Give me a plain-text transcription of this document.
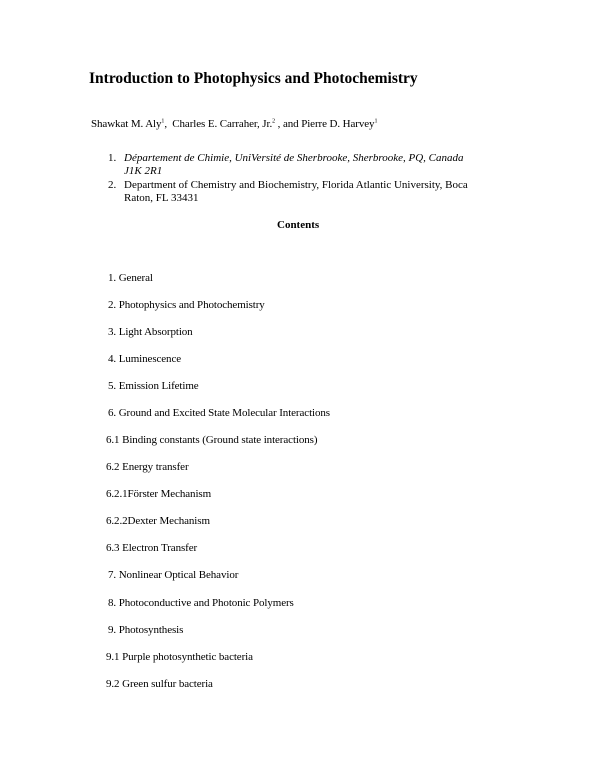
Introduction to Photophysics and Photochemistry
Shawkat M. Aly$^1$, Charles E. Carraher, Jr.$^2$ , and Pierre D. Harvey$^1$
1. Département de Chimie, UniVersité de Sherbrooke, Sherbrooke, PQ, Canada
J1K 2R1
2. Department of Chemistry and Biochemistry, Florida Atlantic University, Boca
Raton, FL 33431
Contents
1. General
2. Photophysics and Photochemistry
3. Light Absorption
4. Luminescence
5. Emission Lifetime
6. Ground and Excited State Molecular Interactions
6.1 Binding constants (Ground state interactions)
6.2 Energy transfer
6.2.1Förster Mechanism
6.2.2Dexter Mechanism
6.3 Electron Transfer
7. Nonlinear Optical Behavior
8. Photoconductive and Photonic Polymers
9. Photosynthesis
9.1 Purple photosynthetic bacteria
9.2 Green sulfur bacteria
